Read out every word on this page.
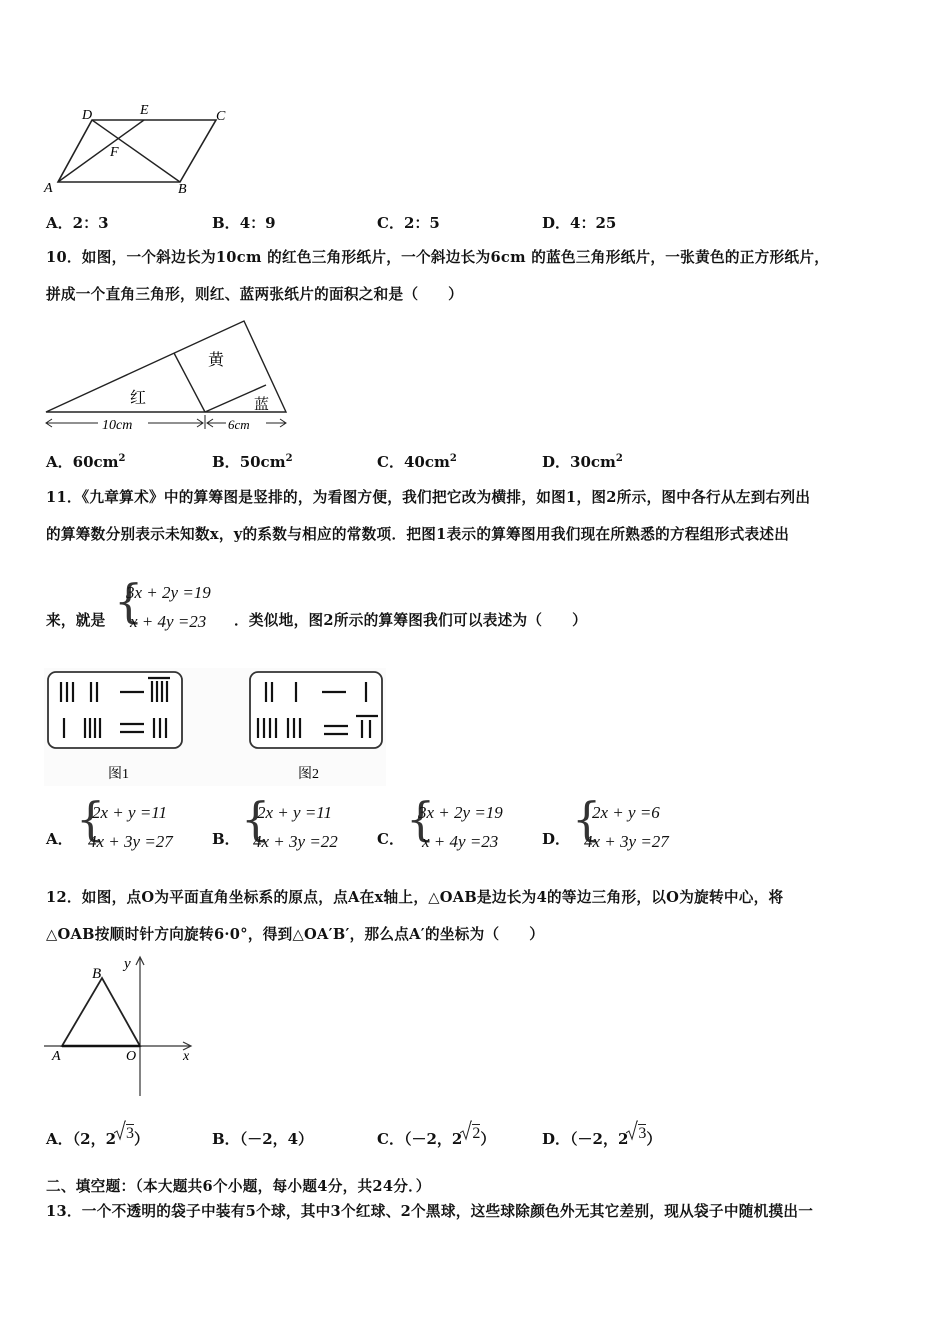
D	E	C
F
A	B
A．2：3	B．4：9	C．2：5	D．4：25
10．如图，一个斜边长为10cm 的红色三角形纸片，一个斜边长为6cm 的蓝色三角形纸片，一张黄色的正方形纸片，
拼成一个直角三角形，则红、蓝两张纸片的面积之和是（　　）
黄
红	蓝
10cm	6cm
A．$60cm^2$	B．$50cm^2$	C．$40cm^2$	D．$30cm^2$
11．《九章算术》中的算筹图是竖排的，为看图方便，我们把它改为横排，如图1，图2所示，图中各行从左到右列出
的算筹数分别表示未知数x，y的系数与相应的常数项．把图1表示的算筹图用我们现在所熟悉的方程组形式表述出
来，就是 {
3x + 2y =19
x + 4y =23 ．类似地，图2所示的算筹图我们可以表述为（　　）
图1	图2
A． {
2x + y =11
4x + 3y =27	B． {
2x + y =11
4x + 3y =22	C． {
3x + 2y =19
x + 4y =23	D． {
2x + y =6
4x + 3y =27
12．如图，点O为平面直角坐标系的原点，点A在x轴上，△OAB是边长为4的等边三角形，以O为旋转中心，将
△OAB按顺时针方向旋转6·0°，得到△OA′B′，那么点A′的坐标为（　　）
B
y
A	O	x
A．（2，2 3）	B．（－2，4）	C．（－2，2 2）	D．（－2，2 3）
二、填空题：（本大题共6个小题，每小题4分，共24分．）
13．一个不透明的袋子中装有5个球，其中3个红球、2个黑球，这些球除颜色外无其它差别，现从袋子中随机摸出一
